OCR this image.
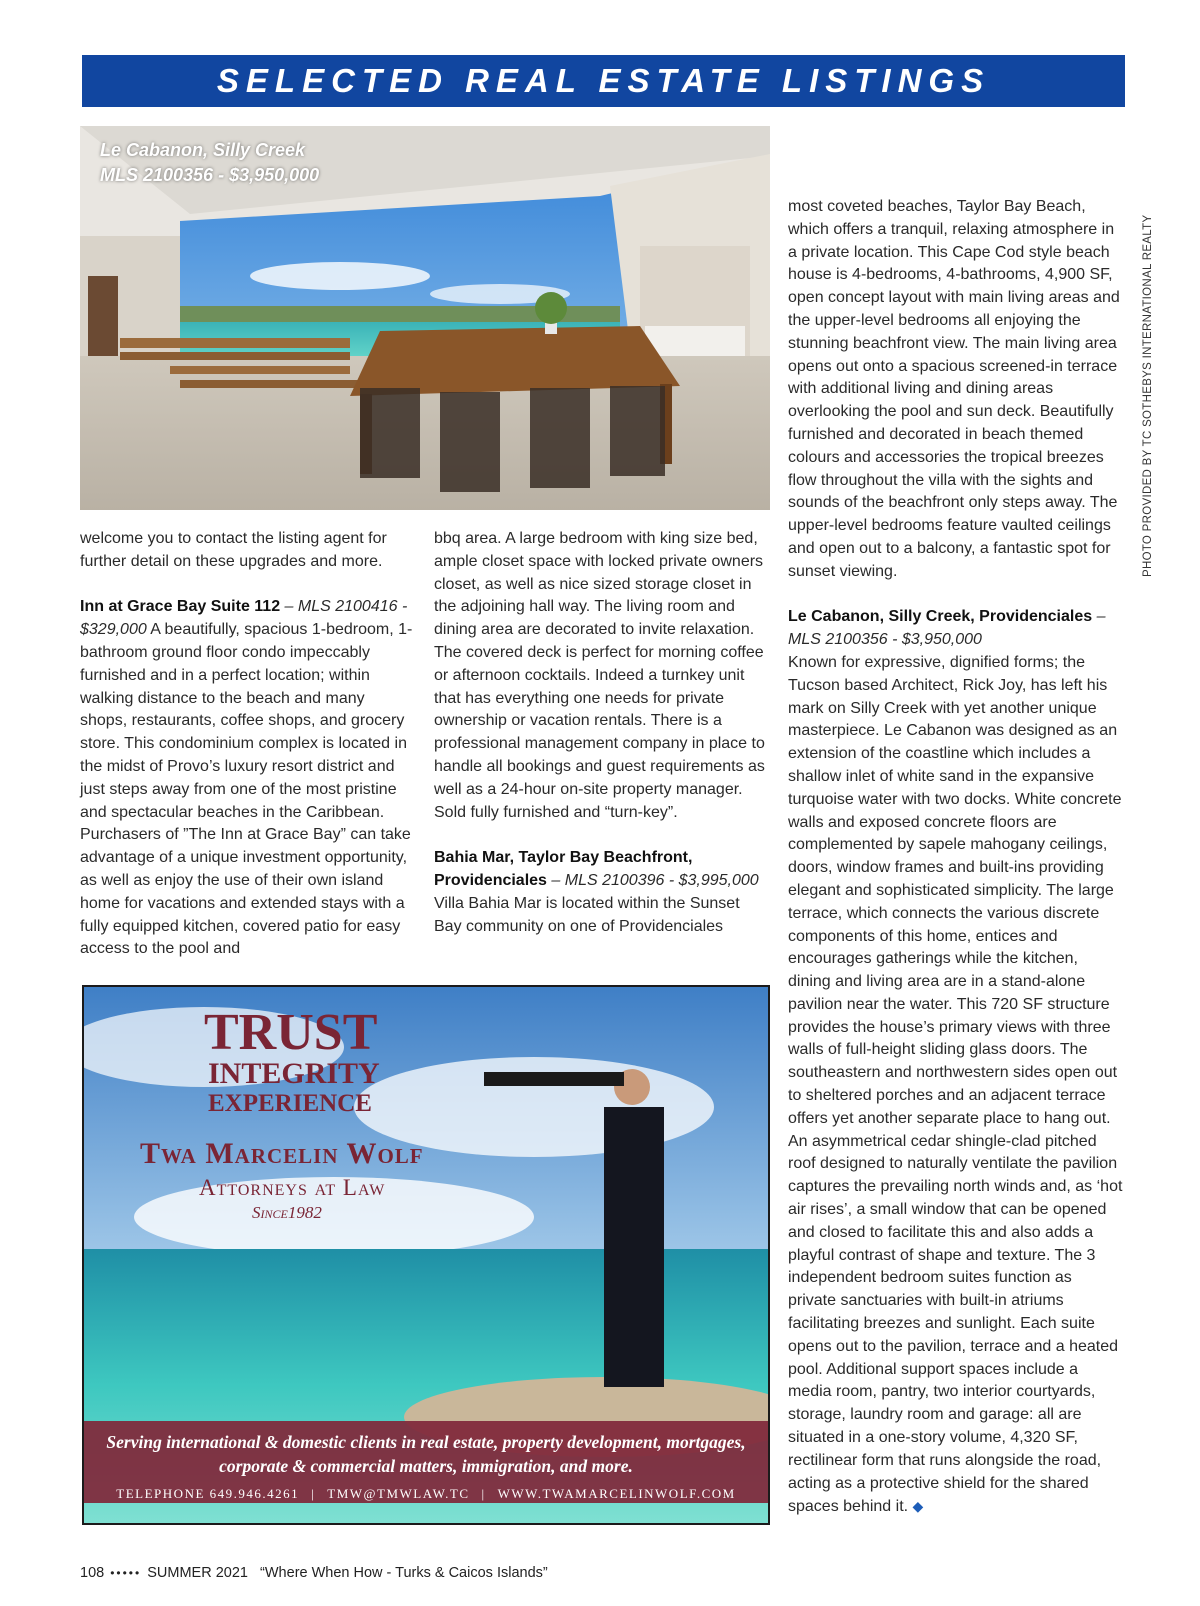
SELECTED REAL ESTATE LISTINGS
Le Cabanon, Silly Creek
MLS 2100356 - $3,950,000
PHOTO PROVIDED BY TC SOTHEBYS INTERNATIONAL REALTY

welcome you to contact the listing agent for further detail on these upgrades and more.

Inn at Grace Bay Suite 112 – MLS 2100416 - $329,000 A beautifully, spacious 1-bedroom, 1-bathroom ground floor condo impeccably furnished and in a perfect location; within walking distance to the beach and many shops, restaurants, coffee shops, and grocery store. This condominium complex is located in the midst of Provo’s luxury resort district and just steps away from one of the most pristine and spectacular beaches in the Caribbean. Purchasers of ”The Inn at Grace Bay” can take advantage of a unique investment opportunity, as well as enjoy the use of their own island home for vacations and extended stays with a fully equipped kitchen, covered patio for easy access to the pool and

bbq area. A large bedroom with king size bed, ample closet space with locked private owners closet, as well as nice sized storage closet in the adjoining hall way. The living room and dining area are decorated to invite relaxation. The covered deck is perfect for morning coffee or afternoon cocktails. Indeed a turnkey unit that has everything one needs for private ownership or vacation rentals. There is a professional management company in place to handle all bookings and guest requirements as well as a 24-hour on-site property manager. Sold fully furnished and “turn-key”.

Bahia Mar, Taylor Bay Beachfront, Providenciales – MLS 2100396 - $3,995,000
Villa Bahia Mar is located within the Sunset Bay community on one of Providenciales

most coveted beaches, Taylor Bay Beach, which offers a tranquil, relaxing atmosphere in a private location. This Cape Cod style beach house is 4-bedrooms, 4-bathrooms, 4,900 SF, open concept layout with main living areas and the upper-level bedrooms all enjoying the stunning beachfront view. The main living area opens out onto a spacious screened-in terrace with additional living and dining areas overlooking the pool and sun deck. Beautifully furnished and decorated in beach themed colours and accessories the tropical breezes flow throughout the villa with the sights and sounds of the beachfront only steps away. The upper-level bedrooms feature vaulted ceilings and open out to a balcony, a fantastic spot for sunset viewing.

Le Cabanon, Silly Creek, Providenciales – MLS 2100356 - $3,950,000
Known for expressive, dignified forms; the Tucson based Architect, Rick Joy, has left his mark on Silly Creek with yet another unique masterpiece. Le Cabanon was designed as an extension of the coastline which includes a shallow inlet of white sand in the expansive turquoise water with two docks. White concrete walls and exposed concrete floors are complemented by sapele mahogany ceilings, doors, window frames and built-ins providing elegant and sophisticated simplicity. The large terrace, which connects the various discrete components of this home, entices and encourages gatherings while the kitchen, dining and living area are in a stand-alone pavilion near the water. This 720 SF structure provides the house’s primary views with three walls of full-height sliding glass doors. The southeastern and northwestern sides open out to sheltered porches and an adjacent terrace offers yet another separate place to hang out. An asymmetrical cedar shingle-clad pitched roof designed to naturally ventilate the pavilion captures the prevailing north winds and, as ‘hot air rises’, a small window that can be opened and closed to facilitate this and also adds a playful contrast of shape and texture. The 3 independent bedroom suites function as private sanctuaries with built-in atriums facilitating breezes and sunlight. Each suite opens out to the pavilion, terrace and a heated pool. Additional support spaces include a media room, pantry, two interior courtyards, storage, laundry room and garage: all are situated in a one-story volume, 4,320 SF, rectilinear form that runs alongside the road, acting as a protective shield for the shared spaces behind it. ◆

TRUST
INTEGRITY
EXPERIENCE
Twa Marcelin Wolf
Attorneys at Law
Since1982
Serving international & domestic clients in real estate, property development, mortgages, corporate & commercial matters, immigration, and more.
TELEPHONE 649.946.4261 | TMW@TMWLAW.TC | WWW.TWAMARCELINWOLF.COM
108 ••••• SUMMER 2021 “Where When How - Turks & Caicos Islands”
